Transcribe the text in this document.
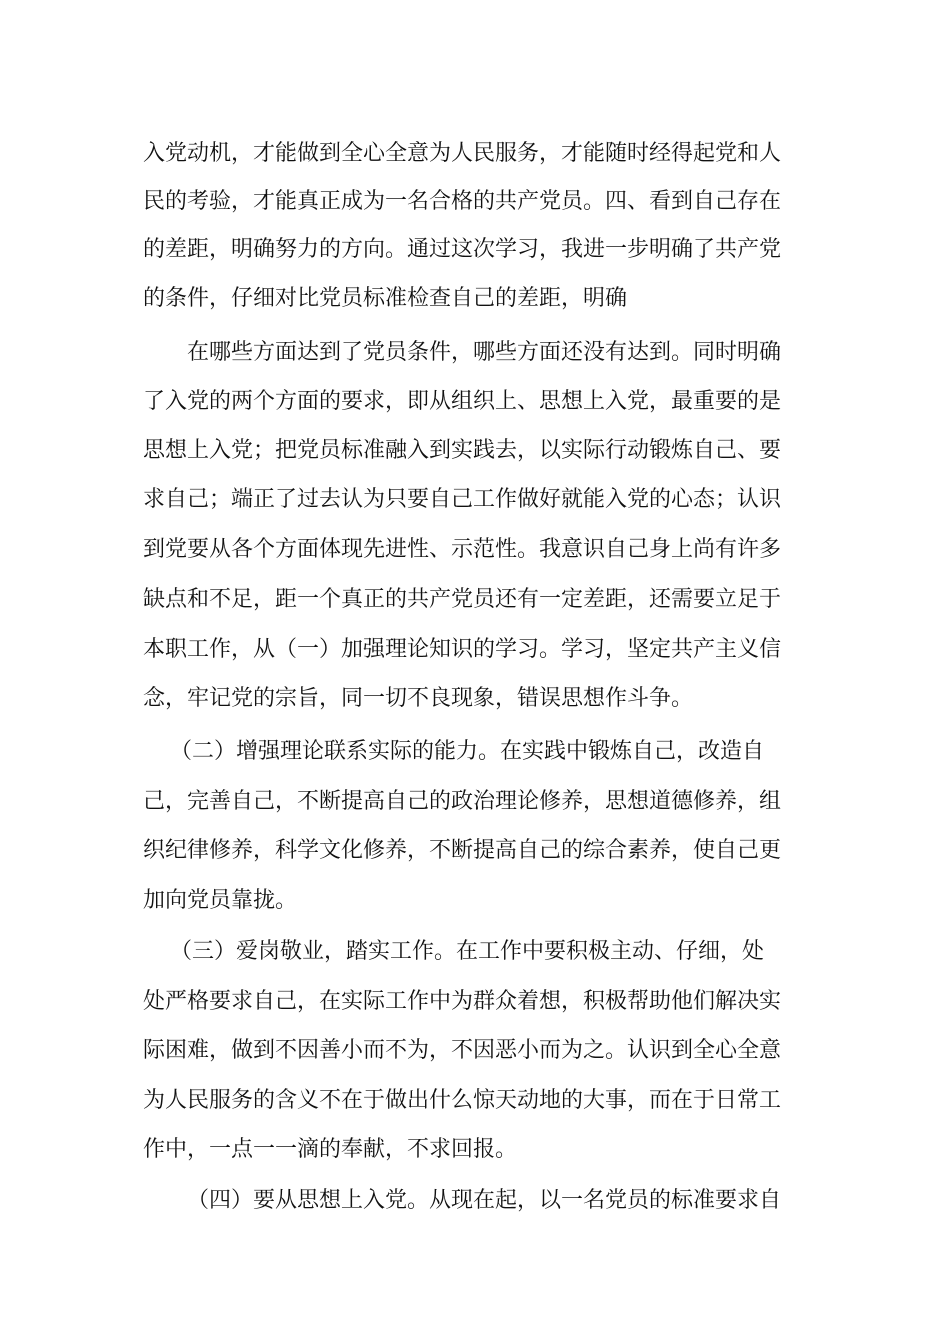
入党动机，才能做到全心全意为人民服务，才能随时经得起党和人
民的考验，才能真正成为一名合格的共产党员。四、看到自己存在
的差距，明确努力的方向。通过这次学习，我进一步明确了共产党
的条件，仔细对比党员标准检查自己的差距，明确
在哪些方面达到了党员条件，哪些方面还没有达到。同时明确
了入党的两个方面的要求，即从组织上、思想上入党，最重要的是
思想上入党；把党员标准融入到实践去，以实际行动锻炼自己、要
求自己；端正了过去认为只要自己工作做好就能入党的心态；认识
到党要从各个方面体现先进性、示范性。我意识自己身上尚有许多
缺点和不足，距一个真正的共产党员还有一定差距，还需要立足于
本职工作，从（一）加强理论知识的学习。学习，坚定共产主义信
念，牢记党的宗旨，同一切不良现象，错误思想作斗争。
（二）增强理论联系实际的能力。在实践中锻炼自己，改造自
己，完善自己，不断提高自己的政治理论修养，思想道德修养，组
织纪律修养，科学文化修养，不断提高自己的综合素养，使自己更
加向党员靠拢。
（三）爱岗敬业，踏实工作。在工作中要积极主动、仔细，处
处严格要求自己，在实际工作中为群众着想，积极帮助他们解决实
际困难，做到不因善小而不为，不因恶小而为之。认识到全心全意
为人民服务的含义不在于做出什么惊天动地的大事，而在于日常工
作中，一点一一滴的奉献，不求回报。
（四）要从思想上入党。从现在起，以一名党员的标准要求自
